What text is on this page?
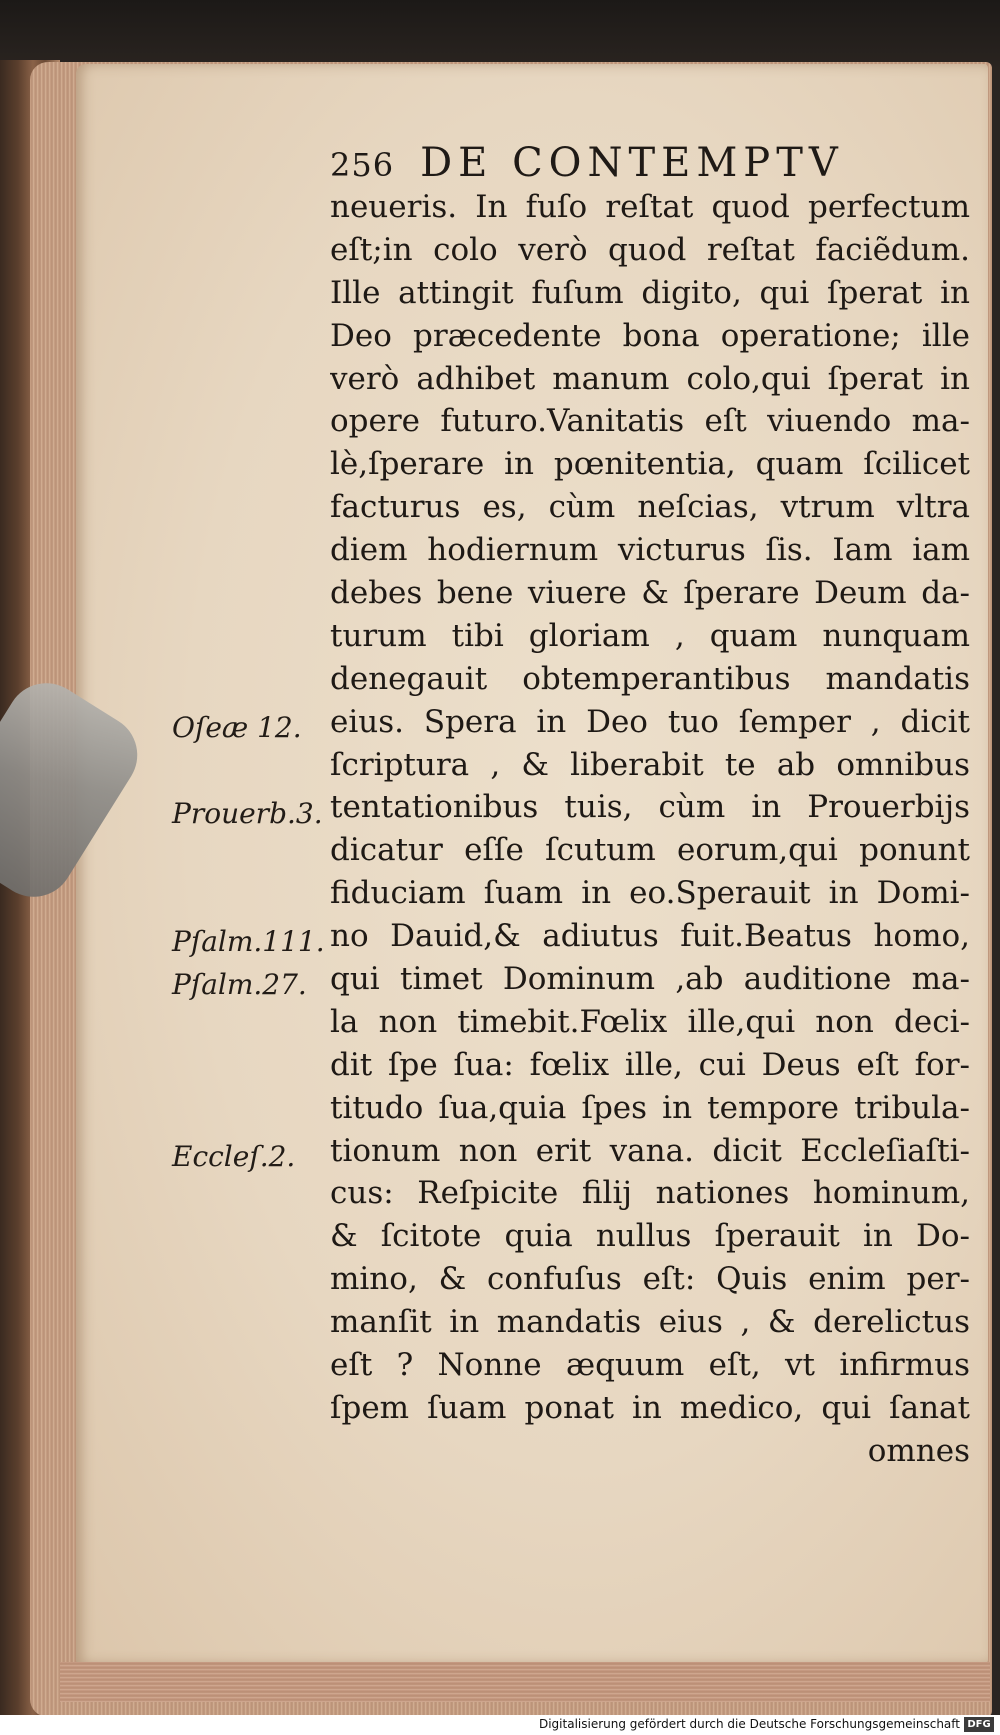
256 DE CONTEMPTV
neueris. In fuſo reſtat quod perfectum
eſt;in colo verò quod reſtat faciẽdum.
Ille attingit fuſum digito, qui ſperat in
Deo præcedente bona operatione; ille
verò adhibet manum colo,qui ſperat in
opere futuro.Vanitatis eſt viuendo ma-
lè,ſperare in pœnitentia, quam ſcilicet
facturus es, cùm neſcias, vtrum vltra
diem hodiernum victurus ſis. Iam iam
debes bene viuere & ſperare Deum da-
turum tibi gloriam , quam nunquam
denegauit obtemperantibus mandatis
eius. Spera in Deo tuo ſemper , dicit
ſcriptura , & liberabit te ab omnibus
tentationibus tuis, cùm in Prouerbijs
dicatur eſſe ſcutum eorum,qui ponunt
fiduciam ſuam in eo.Sperauit in Domi-
no Dauid,& adiutus fuit.Beatus homo,
qui timet Dominum ,ab auditione ma-
la non timebit.Fœlix ille,qui non deci-
dit ſpe ſua: fœlix ille, cui Deus eſt for-
titudo ſua,quia ſpes in tempore tribula-
tionum non erit vana. dicit Eccleſiaſti-
cus: Reſpicite filij nationes hominum,
& ſcitote quia nullus ſperauit in Do-
mino, & confuſus eſt: Quis enim per-
manſit in mandatis eius , & derelictus
eſt ? Nonne æquum eſt, vt infirmus
ſpem ſuam ponat in medico, qui ſanat
omnes
Oſeæ 12.
Prouerb.3.
Pſalm.111.
Pſalm.27.
Eccleſ.2.
Digitalisierung gefördert durch die Deutsche Forschungsgemeinschaft DFG
